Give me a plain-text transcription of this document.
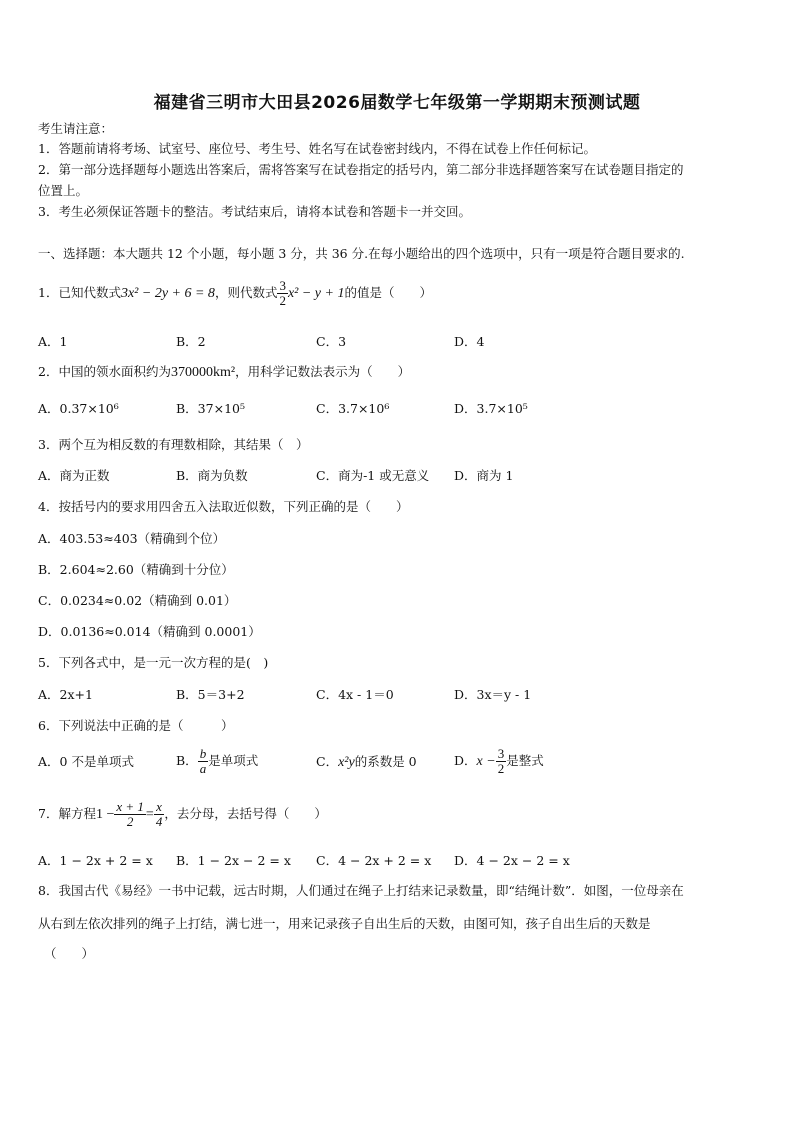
福建省三明市大田县2026届数学七年级第一学期期末预测试题
考生请注意：
1．答题前请将考场、试室号、座位号、考生号、姓名写在试卷密封线内，不得在试卷上作任何标记。
2．第一部分选择题每小题选出答案后，需将答案写在试卷指定的括号内，第二部分非选择题答案写在试卷题目指定的
位置上。
3．考生必须保证答题卡的整洁。考试结束后，请将本试卷和答题卡一并交回。
一、选择题：本大题共 12 个小题，每小题 3 分，共 36 分.在每小题给出的四个选项中，只有一项是符合题目要求的.
1．已知代数式3x² − 2y + 6 = 8，则代数式 $\frac{3}{2} x^2 - y + 1$的值是（　　）
A．1	B．2	C．3	D．4
2．中国的领水面积约为370000km²，用科学记数法表示为（　　）
A．0.37×10⁶	B．37×10⁵	C．3.7×10⁶	D．3.7×10⁵
3．两个互为相反数的有理数相除，其结果（　）
A．商为正数	B．商为负数	C．商为-1 或无意义 D．商为 1
4．按括号内的要求用四舍五入法取近似数，下列正确的是（　　）
A．403.53≈403（精确到个位）
B．2.604≈2.60（精确到十分位）
C．0.0234≈0.02（精确到 0.01）
D．0.0136≈0.014（精确到 0.0001）
5．下列各式中，是一元一次方程的是(　)
A．2x+1	B．5＝3+2	C．4x - 1＝0	D．3x＝y - 1
6．下列说法中正确的是（　　　）
A．0 不是单项式	B． $\frac{b}{a}$ 是单项式	C．x²y的系数是 0	D．$x - \frac{3}{2}$ 是整式
7．解方程$1 - \frac{x + 1}{2} = \frac{x}{4}$ ，去分母，去括号得（　　）
A．1 − 2x + 2 = x B．1 − 2x − 2 = x C．4 − 2x + 2 = x D．4 − 2x − 2 = x
8．我国古代《易经》一书中记载，远古时期，人们通过在绳子上打结来记录数量，即“结绳计数”．如图，一位母亲在
从右到左依次排列的绳子上打结，满七进一，用来记录孩子自出生后的天数，由图可知，孩子自出生后的天数是
（　　）
